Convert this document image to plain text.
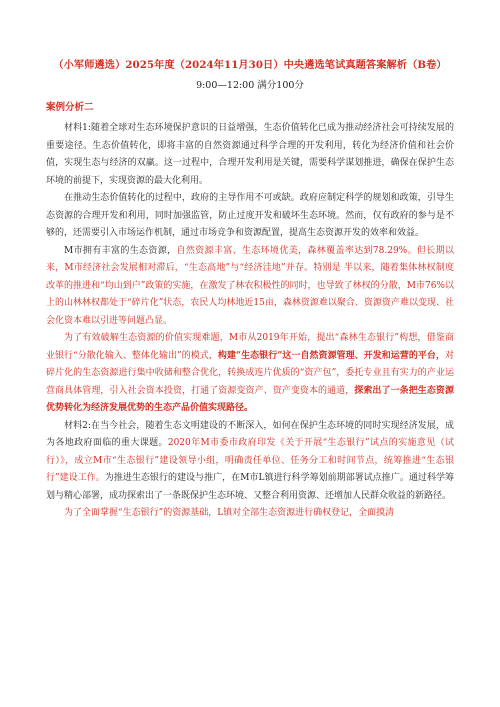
（小军师遴选）2025年度（2024年11月30日）中央遴选笔试真题答案解析（B卷）
9:00—12:00 满分100分
案例分析二

材料1:随着全球对生态环境保护意识的日益增强，生态价值转化已成为推动经济社会可持续发展的重要途径。生态价值转化，即将丰富的自然资源通过科学合理的开发利用，转化为经济价值和社会价值，实现生态与经济的双赢。这一过程中，合理开发利用是关键，需要科学谋划推进，确保在保护生态环境的前提下，实现资源的最大化利用。

在推动生态价值转化的过程中，政府的主导作用不可或缺。政府应制定科学的规划和政策，引导生态资源的合理开发和利用，同时加强监管，防止过度开发和破坏生态环境。然而，仅有政府的参与是不够的，还需要引入市场运作机制，通过市场竞争和资源配置，提高生态资源开发的效率和效益。

M市拥有丰富的生态资源，自然资源丰富、生态环境优美，森林覆盖率达到78.29%。但长期以来，M市经济社会发展相对滞后，“生态高地”与“经济洼地”并存。特别是 半以来，随着集体林权制度改革的推进和“均山到户”政策的实施，在激发了林农积极性的同时，也导致了林权的分散，M市76%以上的山林林权都处于“碎片化”状态，农民人均林地近15亩，森林资源难以聚合、资源资产难以变现、社会化资本难以引进等问题凸显。

为了有效破解生态资源的价值实现难题，M市从2019年开始，提出“森林生态银行”构想，借鉴商业银行“分散化输入、整体化输出”的模式，构建“生态银行”这一自然资源管理、开发和运营的平台，对碎片化的生态资源进行集中收储和整合优化，转换成连片优质的“资产包”，委托专业且有实力的产业运营商具体管理，引入社会资本投资，打通了资源变资产、资产变资本的通道，探索出了一条把生态资源优势转化为经济发展优势的生态产品价值实现路径。

材料2:在当今社会，随着生态文明建设的不断深入，如何在保护生态环境的同时实现经济发展，成为各地政府面临的重大课题。2020年M市委市政府印发《关于开展“生态银行”试点的实施意见（试行）》，成立M市“生态银行”建设领导小组，明确责任单位、任务分工和时间节点，统筹推进“生态银行”建设工作。为推进生态银行的建设与推广，在M市L镇进行科学筹划前期部署试点推广。通过科学筹划与精心部署，成功探索出了一条既保护生态环境、又整合利用资源、还增加人民群众收益的新路径。

为了全面掌握“生态银行”的资源基础，L镇对全部生态资源进行确权登记，全面摸清
